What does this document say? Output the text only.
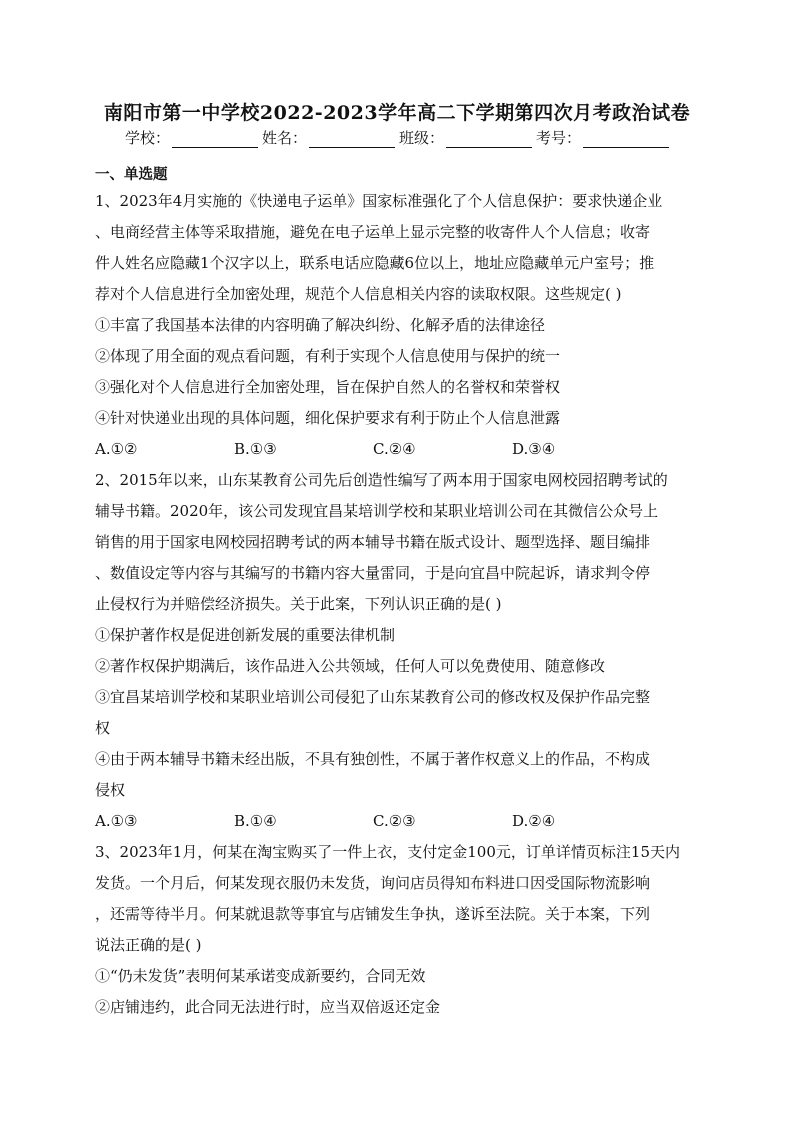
南阳市第一中学校2022-2023学年高二下学期第四次月考政治试卷
学校：	姓名：	班级：	考号：
一、单选题
1、2023年4月实施的《快递电子运单》国家标准强化了个人信息保护：要求快递企业
、电商经营主体等采取措施，避免在电子运单上显示完整的收寄件人个人信息；收寄
件人姓名应隐藏1个汉字以上，联系电话应隐藏6位以上，地址应隐藏单元户室号；推
荐对个人信息进行全加密处理，规范个人信息相关内容的读取权限。这些规定( )
①丰富了我国基本法律的内容明确了解决纠纷、化解矛盾的法律途径
②体现了用全面的观点看问题，有利于实现个人信息使用与保护的统一
③强化对个人信息进行全加密处理，旨在保护自然人的名誉权和荣誉权
④针对快递业出现的具体问题，细化保护要求有利于防止个人信息泄露
A.①②	B.①③	C.②④	D.③④
2、2015年以来，山东某教育公司先后创造性编写了两本用于国家电网校园招聘考试的
辅导书籍。2020年，该公司发现宜昌某培训学校和某职业培训公司在其微信公众号上
销售的用于国家电网校园招聘考试的两本辅导书籍在版式设计、题型选择、题目编排
、数值设定等内容与其编写的书籍内容大量雷同，于是向宜昌中院起诉，请求判令停
止侵权行为并赔偿经济损失。关于此案，下列认识正确的是( )
①保护著作权是促进创新发展的重要法律机制
②著作权保护期满后，该作品进入公共领域，任何人可以免费使用、随意修改
③宜昌某培训学校和某职业培训公司侵犯了山东某教育公司的修改权及保护作品完整
权
④由于两本辅导书籍未经出版，不具有独创性，不属于著作权意义上的作品，不构成
侵权
A.①③	B.①④	C.②③	D.②④
3、2023年1月，何某在淘宝购买了一件上衣，支付定金100元，订单详情页标注15天内
发货。一个月后，何某发现衣服仍未发货，询问店员得知布料进口因受国际物流影响
，还需等待半月。何某就退款等事宜与店铺发生争执，遂诉至法院。关于本案，下列
说法正确的是( )
①“仍未发货”表明何某承诺变成新要约，合同无效
②店铺违约，此合同无法进行时，应当双倍返还定金
